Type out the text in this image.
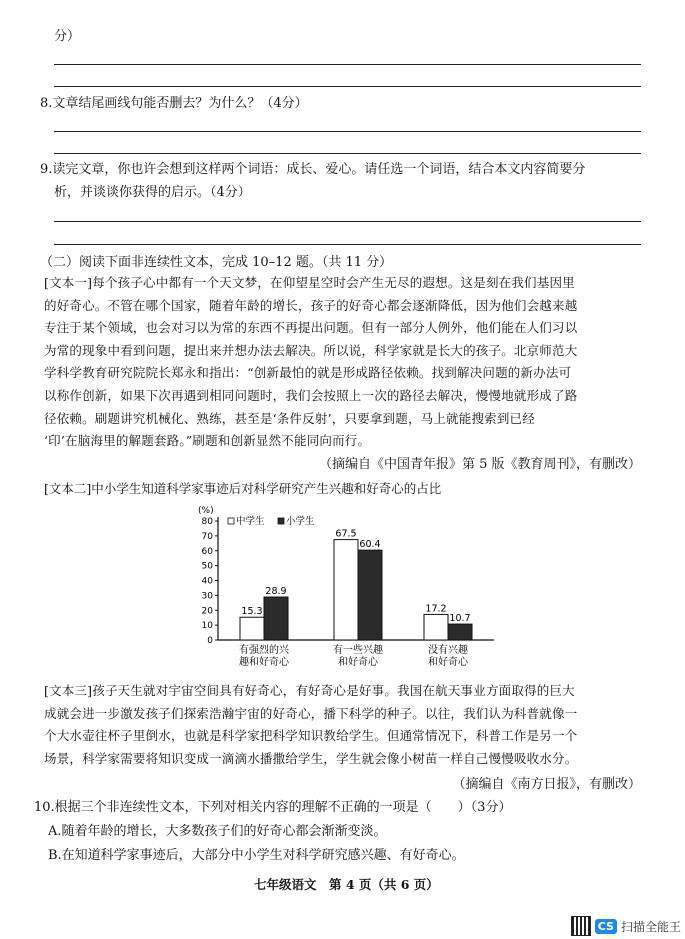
分）
8.文章结尾画线句能否删去？为什么？（4分）
9.读完文章，你也许会想到这样两个词语：成长、爱心。请任选一个词语，结合本文内容简要分
析，并谈谈你获得的启示。（4分）
（二）阅读下面非连续性文本，完成 10–12 题。（共 11 分）
[文本一]每个孩子心中都有一个天文梦，在仰望星空时会产生无尽的遐想。这是刻在我们基因里
的好奇心。不管在哪个国家，随着年龄的增长，孩子的好奇心都会逐渐降低，因为他们会越来越
专注于某个领域，也会对习以为常的东西不再提出问题。但有一部分人例外，他们能在人们习以
为常的现象中看到问题，提出来并想办法去解决。所以说，科学家就是长大的孩子。北京师范大
学科学教育研究院院长郑永和指出：“创新最怕的就是形成路径依赖。找到解决问题的新办法可
以称作创新，如果下次再遇到相同问题时，我们会按照上一次的路径去解决，慢慢地就形成了路
径依赖。刷题讲究机械化、熟练，甚至是‘条件反射’，只要拿到题，马上就能搜索到已经
‘印’在脑海里的解题套路。”刷题和创新显然不能同向而行。
（摘编自《中国青年报》第 5 版《教育周刊》，有删改）
[文本二]中小学生知道科学家事迹后对科学研究产生兴趣和好奇心的占比
(%)
0
10
20
30
40
50
60
70
80 中学生 小学生
15.3
28.9
有强烈的兴
趣和好奇心
67.5
60.4
有一些兴趣
和好奇心
17.2
10.7
没有兴趣
和好奇心
[文本三]孩子天生就对宇宙空间具有好奇心，有好奇心是好事。我国在航天事业方面取得的巨大
成就会进一步激发孩子们探索浩瀚宇宙的好奇心，播下科学的种子。以往，我们认为科普就像一
个大水壶往杯子里倒水，也就是科学家把科学知识教给学生。但通常情况下，科普工作是另一个
场景，科学家需要将知识变成一滴滴水播撒给学生，学生就会像小树苗一样自己慢慢吸收水分。
（摘编自《南方日报》，有删改）
10.根据三个非连续性文本，下列对相关内容的理解不正确的一项是（　　）（3分）
A.随着年龄的增长，大多数孩子们的好奇心都会渐渐变淡。
B.在知道科学家事迹后，大部分中小学生对科学研究感兴趣、有好奇心。
七年级语文　第 4 页（共 6 页）
CS 扫描全能王
